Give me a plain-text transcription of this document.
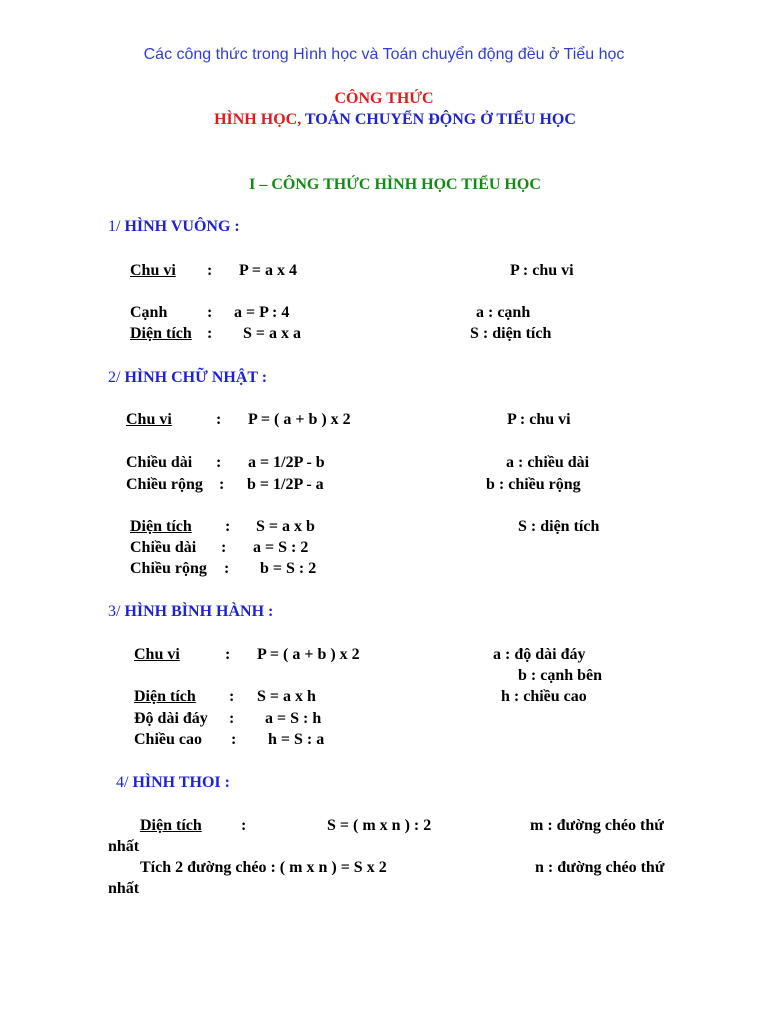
Các công thức trong Hình học và Toán chuyển động đều ở Tiểu học
CÔNG THỨC
HÌNH HỌC, TOÁN CHUYỂN ĐỘNG Ở TIỂU HỌC
I – CÔNG THỨC HÌNH HỌC TIỂU HỌC
1/ HÌNH VUÔNG :
Chu vi : P = a x 4	P : chu vi
Cạnh : a = P : 4	a : cạnh
Diện tích : S = a x a	S : diện tích
2/ HÌNH CHỮ NHẬT :
Chu vi	: P = ( a + b ) x 2	P : chu vi
Chiều dài : a = 1/2P - b	a : chiều dài
Chiều rộng : b = 1/2P - a	b : chiều rộng
Diện tích : S = a x b	S : diện tích
Chiều dài : a = S : 2
Chiều rộng : b = S : 2
3/ HÌNH BÌNH HÀNH :
Chu vi	: P = ( a + b ) x 2	a : độ dài đáy
b : cạnh bên
Diện tích : S = a x h	h : chiều cao
Độ dài đáy : a = S : h
Chiều cao : h = S : a
4/ HÌNH THOI :
Diện tích :	S = ( m x n ) : 2	m : đường chéo thứ
nhất
Tích 2 đường chéo : ( m x n ) = S x 2	n : đường chéo thứ
nhất
